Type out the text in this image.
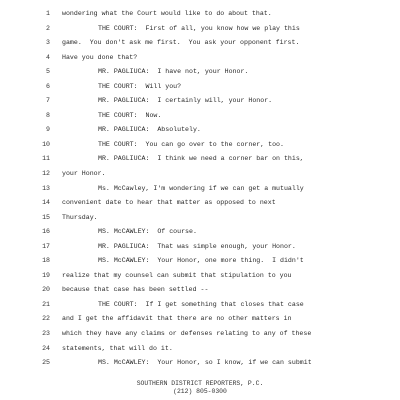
1 wondering what the Court would like to do about that.
2	THE COURT:  First of all, you know how we play this
3 game.  You don't ask me first.  You ask your opponent first.
4 Have you done that?
5	MR. PAGLIUCA:  I have not, your Honor.
6	THE COURT:  Will you?
7	MR. PAGLIUCA:  I certainly will, your Honor.
8	THE COURT:  Now.
9	MR. PAGLIUCA:  Absolutely.
10	THE COURT:  You can go over to the corner, too.
11	MR. PAGLIUCA:  I think we need a corner bar on this,
12 your Honor.
13	Ms. McCawley, I'm wondering if we can get a mutually
14 convenient date to hear that matter as opposed to next
15 Thursday.
16	MS. McCAWLEY:  Of course.
17	MR. PAGLIUCA:  That was simple enough, your Honor.
18	MS. McCAWLEY:  Your Honor, one more thing.  I didn't
19 realize that my counsel can submit that stipulation to you
20 because that case has been settled --
21	THE COURT:  If I get something that closes that case
22 and I get the affidavit that there are no other matters in
23 which they have any claims or defenses relating to any of these
24 statements, that will do it.
25	MS. McCAWLEY:  Your Honor, so I know, if we can submit
SOUTHERN DISTRICT REPORTERS, P.C.
(212) 805-0300
